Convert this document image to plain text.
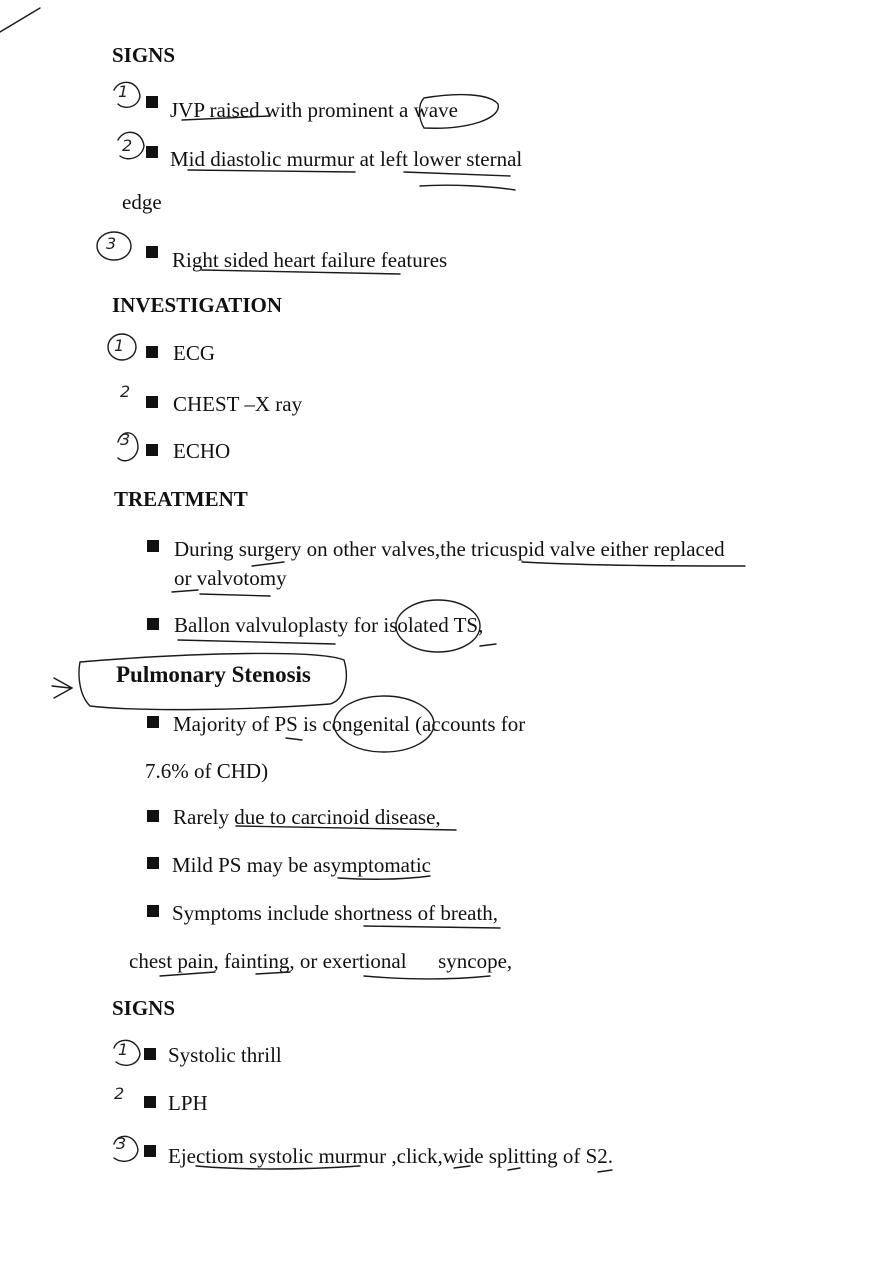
SIGNS
1
JVP raised with prominent a wave
2
Mid diastolic murmur at left lower sternal
edge
3
Right sided heart failure features
INVESTIGATION
1 ECG
2
CHEST –X ray
3 ECHO
TREATMENT
During surgery on other valves,the tricuspid valve either replaced
or valvotomy
Ballon valvuloplasty for isolated TS,
Pulmonary Stenosis
Majority of PS is congenital (accounts for
7.6% of CHD)
Rarely due to carcinoid disease,
Mild PS may be asymptomatic
Symptoms include shortness of breath,
chest pain, fainting, or exertional      syncope,
SIGNS
1 Systolic thrill
2 LPH
3
Ejectiom systolic murmur ,click,wide splitting of S2.
